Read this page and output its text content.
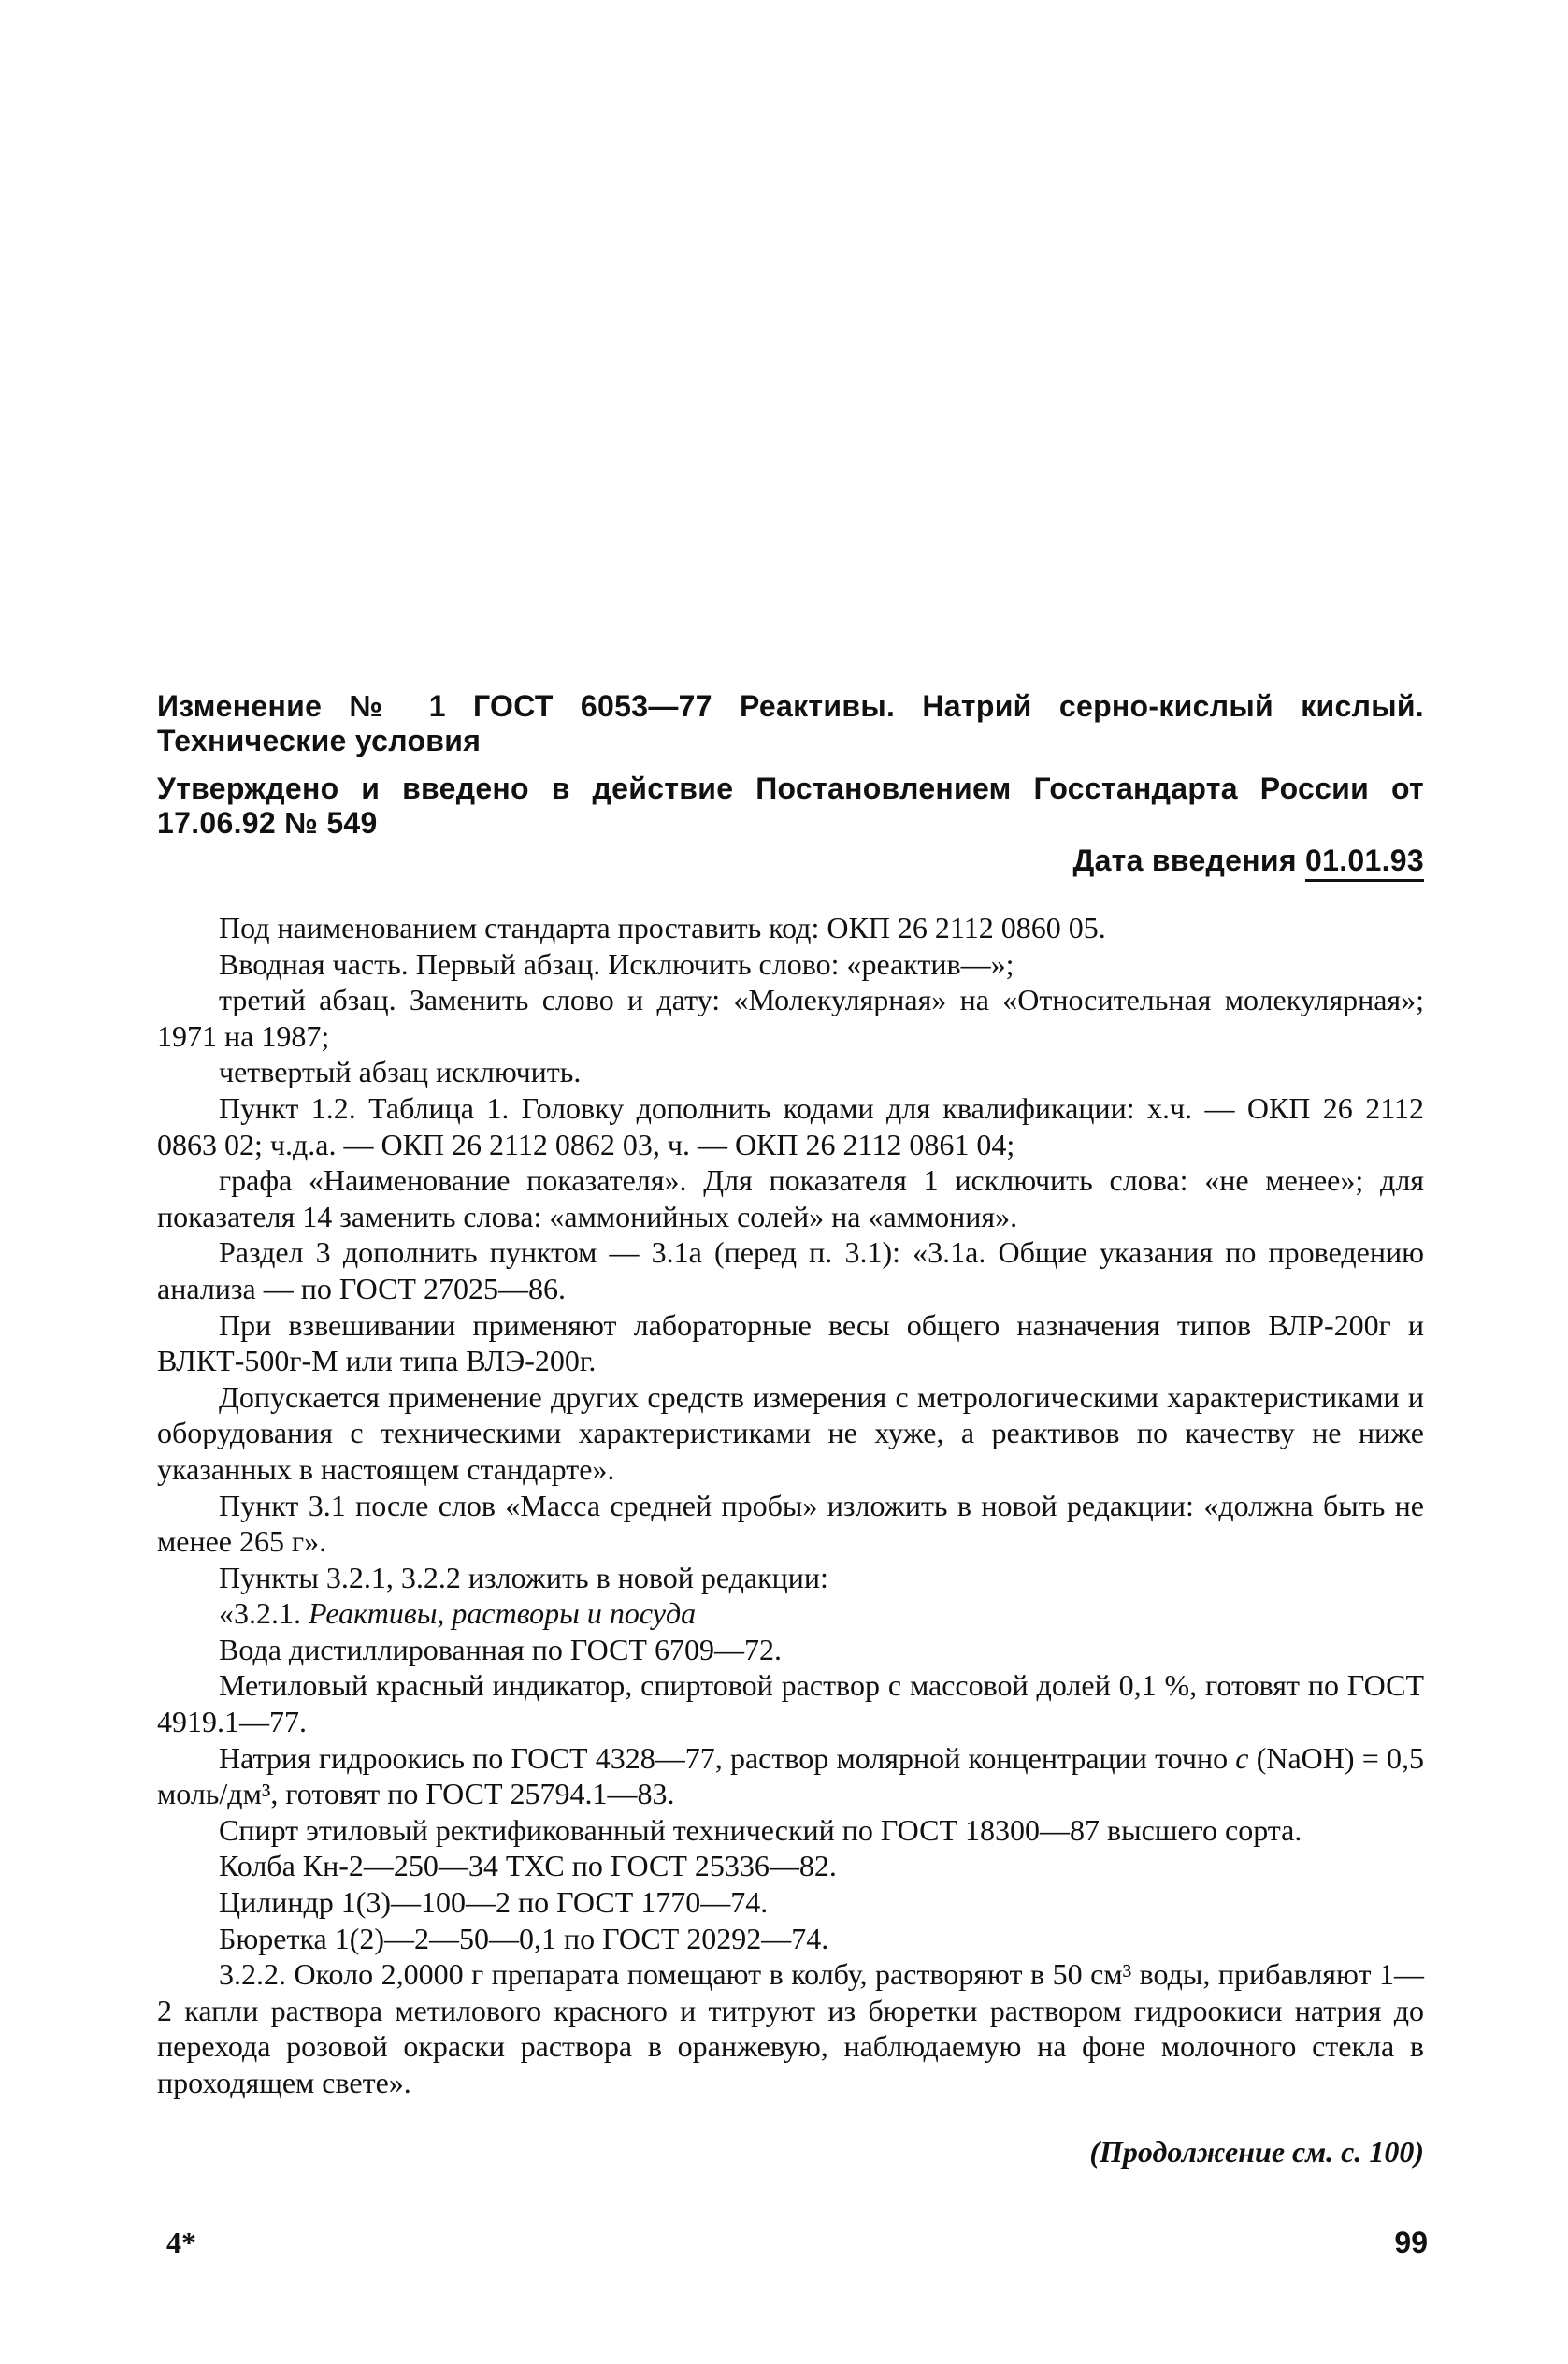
Изменение № 1 ГОСТ 6053—77 Реактивы. Натрий серно-кислый кислый. Технические условия
Утверждено и введено в действие Постановлением Госстандарта России от 17.06.92 № 549
Дата введения 01.01.93

Под наименованием стандарта проставить код: ОКП 26 2112 0860 05.

Вводная часть. Первый абзац. Исключить слово: «реактив—»;

третий абзац. Заменить слово и дату: «Молекулярная» на «Относительная молекулярная»; 1971 на 1987;

четвертый абзац исключить.

Пункт 1.2. Таблица 1. Головку дополнить кодами для квалификации: х.ч. — ОКП 26 2112 0863 02; ч.д.а. — ОКП 26 2112 0862 03, ч. — ОКП 26 2112 0861 04;

графа «Наименование показателя». Для показателя 1 исключить слова: «не менее»; для показателя 14 заменить слова: «аммонийных солей» на «аммония».

Раздел 3 дополнить пунктом — 3.1а (перед п. 3.1): «3.1а. Общие указания по проведению анализа — по ГОСТ 27025—86.

При взвешивании применяют лабораторные весы общего назначения типов ВЛР-200г и ВЛКТ-500г-М или типа ВЛЭ-200г.

Допускается применение других средств измерения с метрологическими характеристиками и оборудования с техническими характеристиками не хуже, а реактивов по качеству не ниже указанных в настоящем стандарте».

Пункт 3.1 после слов «Масса средней пробы» изложить в новой редакции: «должна быть не менее 265 г».

Пункты 3.2.1, 3.2.2 изложить в новой редакции:

«3.2.1. Реактивы, растворы и посуда

Вода дистиллированная по ГОСТ 6709—72.

Метиловый красный индикатор, спиртовой раствор с массовой долей 0,1 %, готовят по ГОСТ 4919.1—77.

Натрия гидроокись по ГОСТ 4328—77, раствор молярной концентрации точно с (NaOH) = 0,5 моль/дм³, готовят по ГОСТ 25794.1—83.

Спирт этиловый ректификованный технический по ГОСТ 18300—87 высшего сорта.

Колба Кн-2—250—34 ТХС по ГОСТ 25336—82.

Цилиндр 1(3)—100—2 по ГОСТ 1770—74.

Бюретка 1(2)—2—50—0,1 по ГОСТ 20292—74.

3.2.2. Около 2,0000 г препарата помещают в колбу, растворяют в 50 см³ воды, прибавляют 1—2 капли раствора метилового красного и титруют из бюретки раствором гидроокиси натрия до перехода розовой окраски раствора в оранжевую, наблюдаемую на фоне молочного стекла в проходящем свете».

(Продолжение см. с. 100)
4*	99
